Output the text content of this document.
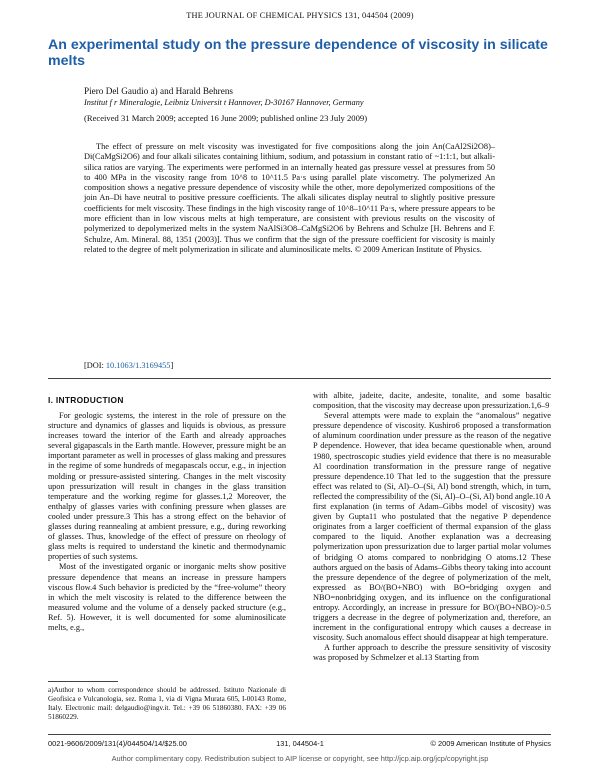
THE JOURNAL OF CHEMICAL PHYSICS 131, 044504 (2009)
An experimental study on the pressure dependence of viscosity in silicate melts
Piero Del Gaudio a) and Harald Behrens
Institut f r Mineralogie, Leibniz Universit t Hannover, D-30167 Hannover, Germany
(Received 31 March 2009; accepted 16 June 2009; published online 23 July 2009)

The effect of pressure on melt viscosity was investigated for five compositions along the join An(CaAl2Si2O8)–Di(CaMgSi2O6) and four alkali silicates containing lithium, sodium, and potassium in constant ratio of ~1:1:1, but alkali-silica ratios are varying. The experiments were performed in an internally heated gas pressure vessel at pressures from 50 to 400 MPa in the viscosity range from 10^8 to 10^11.5 Pa·s using parallel plate viscometry. The polymerized An composition shows a negative pressure dependence of viscosity while the other, more depolymerized compositions of the join An–Di have neutral to positive pressure coefficients. The alkali silicates display neutral to slightly positive pressure coefficients for melt viscosity. These findings in the high viscosity range of 10^8–10^11 Pa·s, where pressure appears to be more efficient than in low viscous melts at high temperature, are consistent with previous results on the viscosity of polymerized to depolymerized melts in the system NaAlSi3O8–CaMgSi2O6 by Behrens and Schulze [H. Behrens and F. Schulze, Am. Mineral. 88, 1351 (2003)]. Thus we confirm that the sign of the pressure coefficient for viscosity is mainly related to the degree of melt polymerization in silicate and aluminosilicate melts. © 2009 American Institute of Physics.

[DOI: 10.1063/1.3169455]
I. INTRODUCTION

For geologic systems, the interest in the role of pressure on the structure and dynamics of glasses and liquids is obvious, as pressure increases toward the interior of the Earth and already approaches several gigapascals in the Earth mantle. However, pressure might be an important parameter as well in processes of glass making and pressures in the regime of some hundreds of megapascals occur, e.g., in injection molding or pressure-assisted sintering. Changes in the melt viscosity upon pressurization will result in changes in the glass transition temperature and the working regime for glasses.1,2 Moreover, the enthalpy of glasses varies with confining pressure when glasses are cooled under pressure.3 This has a strong effect on the behavior of glasses during reannealing at ambient pressure, e.g., during reworking of glasses. Thus, knowledge of the effect of pressure on rheology of glass melts is required to understand the kinetic and thermodynamic properties of such systems.

Most of the investigated organic or inorganic melts show positive pressure dependence that means an increase in pressure hampers viscous flow.4 Such behavior is predicted by the “free-volume” theory in which the melt viscosity is related to the difference between the measured volume and the volume of a densely packed structure (e.g., Ref. 5). However, it is well documented for some aluminosilicate melts, e.g.,

with albite, jadeite, dacite, andesite, tonalite, and some basaltic composition, that the viscosity may decrease upon pressurization.1,6–9

Several attempts were made to explain the “anomalous” negative pressure dependence of viscosity. Kushiro6 proposed a transformation of aluminum coordination under pressure as the reason of the negative P dependence. However, that idea became questionable when, around 1980, spectroscopic studies yield evidence that there is no measurable Al coordination transformation in the pressure range of negative pressure dependence.10 That led to the suggestion that the pressure effect was related to (Si, Al)–O–(Si, Al) bond strength, which, in turn, reflected the compressibility of the (Si, Al)–O–(Si, Al) bond angle.10 A first explanation (in terms of Adam–Gibbs model of viscosity) was given by Gupta11 who postulated that the negative P dependence originates from a larger coefficient of thermal expansion of the glass compared to the liquid. Another explanation was a decreasing polymerization upon pressurization due to larger partial molar volumes of bridging O atoms compared to nonbridging O atoms.12 These authors argued on the basis of Adams–Gibbs theory taking into account the pressure dependence of the degree of polymerization of the melt, expressed as BO/(BO+NBO) with BO=bridging oxygen and NBO=nonbridging oxygen, and its influence on the configurational entropy. Accordingly, an increase in pressure for BO/(BO+NBO)>0.5 triggers a decrease in the degree of polymerization and, therefore, an increment in the configurational entropy which causes a decrease in viscosity. Such anomalous effect should disappear at high temperature.

A further approach to describe the pressure sensitivity of viscosity was proposed by Schmelzer et al.13 Starting from

a)Author to whom correspondence should be addressed. Istituto Nazionale di Geofisica e Vulcanologia, sez. Roma 1, via di Vigna Murata 605, I-00143 Rome, Italy. Electronic mail: delgaudio@ingv.it. Tel.: +39 06 51860380. FAX: +39 06 51860229.

0021-9606/2009/131(4)/044504/14/$25.00	131, 044504-1	© 2009 American Institute of Physics
Author complimentary copy. Redistribution subject to AIP license or copyright, see http://jcp.aip.org/jcp/copyright.jsp
